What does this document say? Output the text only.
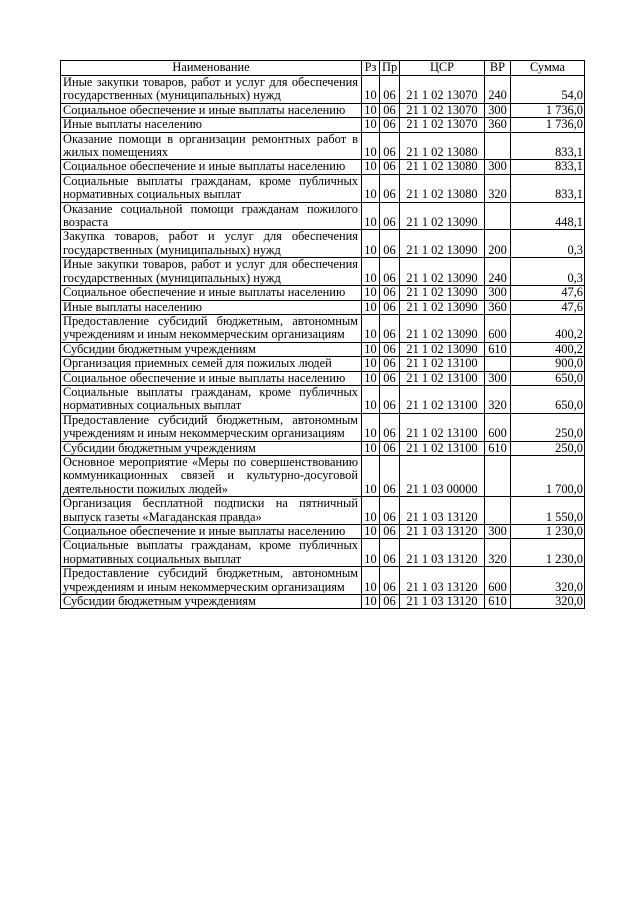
Наименование	Рз	Пр	ЦСР	ВР	Сумма
Иные закупки товаров, работ и услуг для обеспечения государственных (муниципальных) нужд	10	06	21 1 02 13070	240	54,0
Социальное обеспечение и иные выплаты населению	10	06	21 1 02 13070	300	1 736,0
Иные выплаты населению	10	06	21 1 02 13070	360	1 736,0
Оказание помощи в организации ремонтных работ в жилых помещениях	10	06	21 1 02 13080		833,1
Социальное обеспечение и иные выплаты населению	10	06	21 1 02 13080	300	833,1
Социальные выплаты гражданам, кроме публичных нормативных социальных выплат	10	06	21 1 02 13080	320	833,1
Оказание социальной помощи гражданам пожилого возраста	10	06	21 1 02 13090		448,1
Закупка товаров, работ и услуг для обеспечения государственных (муниципальных) нужд	10	06	21 1 02 13090	200	0,3
Иные закупки товаров, работ и услуг для обеспечения государственных (муниципальных) нужд	10	06	21 1 02 13090	240	0,3
Социальное обеспечение и иные выплаты населению	10	06	21 1 02 13090	300	47,6
Иные выплаты населению	10	06	21 1 02 13090	360	47,6
Предоставление субсидий бюджетным, автономным учреждениям и иным некоммерческим организациям	10	06	21 1 02 13090	600	400,2
Субсидии бюджетным учреждениям	10	06	21 1 02 13090	610	400,2
Организация приемных семей для пожилых людей	10	06	21 1 02 13100		900,0
Социальное обеспечение и иные выплаты населению	10	06	21 1 02 13100	300	650,0
Социальные выплаты гражданам, кроме публичных нормативных социальных выплат	10	06	21 1 02 13100	320	650,0
Предоставление субсидий бюджетным, автономным учреждениям и иным некоммерческим организациям	10	06	21 1 02 13100	600	250,0
Субсидии бюджетным учреждениям	10	06	21 1 02 13100	610	250,0
Основное мероприятие «Меры по совершенствованию коммуникационных связей и культурно-досуговой деятельности пожилых людей»	10	06	21 1 03 00000		1 700,0
Организация бесплатной подписки на пятничный выпуск газеты «Магаданская правда»	10	06	21 1 03 13120		1 550,0
Социальное обеспечение и иные выплаты населению	10	06	21 1 03 13120	300	1 230,0
Социальные выплаты гражданам, кроме публичных нормативных социальных выплат	10	06	21 1 03 13120	320	1 230,0
Предоставление субсидий бюджетным, автономным учреждениям и иным некоммерческим организациям	10	06	21 1 03 13120	600	320,0
Субсидии бюджетным учреждениям	10	06	21 1 03 13120	610	320,0
